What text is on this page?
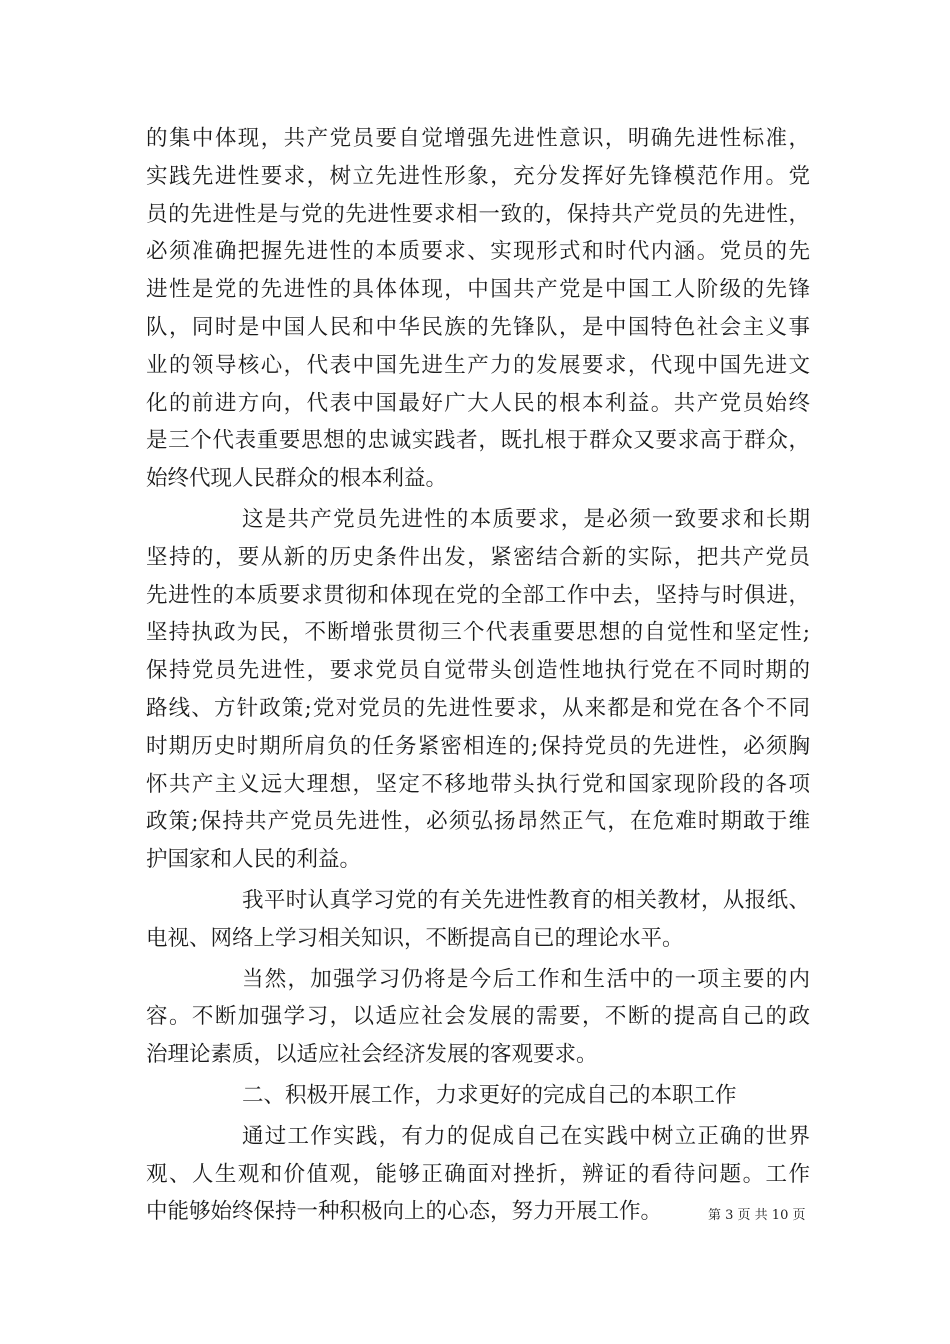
的集中体现，共产党员要自觉增强先进性意识，明确先进性标准，
实践先进性要求，树立先进性形象，充分发挥好先锋模范作用。党
员的先进性是与党的先进性要求相一致的，保持共产党员的先进性，
必须准确把握先进性的本质要求、实现形式和时代内涵。党员的先
进性是党的先进性的具体体现，中国共产党是中国工人阶级的先锋
队，同时是中国人民和中华民族的先锋队，是中国特色社会主义事
业的领导核心，代表中国先进生产力的发展要求，代现中国先进文
化的前进方向，代表中国最好广大人民的根本利益。共产党员始终
是三个代表重要思想的忠诚实践者，既扎根于群众又要求高于群众，
始终代现人民群众的根本利益。
这是共产党员先进性的本质要求，是必须一致要求和长期
坚持的，要从新的历史条件出发，紧密结合新的实际，把共产党员
先进性的本质要求贯彻和体现在党的全部工作中去，坚持与时俱进，
坚持执政为民，不断增张贯彻三个代表重要思想的自觉性和坚定性;
保持党员先进性，要求党员自觉带头创造性地执行党在不同时期的
路线、方针政策;党对党员的先进性要求，从来都是和党在各个不同
时期历史时期所肩负的任务紧密相连的;保持党员的先进性，必须胸
怀共产主义远大理想，坚定不移地带头执行党和国家现阶段的各项
政策;保持共产党员先进性，必须弘扬昂然正气，在危难时期敢于维
护国家和人民的利益。
我平时认真学习党的有关先进性教育的相关教材，从报纸、
电视、网络上学习相关知识，不断提高自已的理论水平。
当然，加强学习仍将是今后工作和生活中的一项主要的内
容。不断加强学习，以适应社会发展的需要，不断的提高自己的政
治理论素质，以适应社会经济发展的客观要求。
二、积极开展工作，力求更好的完成自己的本职工作
通过工作实践，有力的促成自己在实践中树立正确的世界
观、人生观和价值观，能够正确面对挫折，辨证的看待问题。工作
中能够始终保持一种积极向上的心态，努力开展工作。	第 3 页 共 10 页
